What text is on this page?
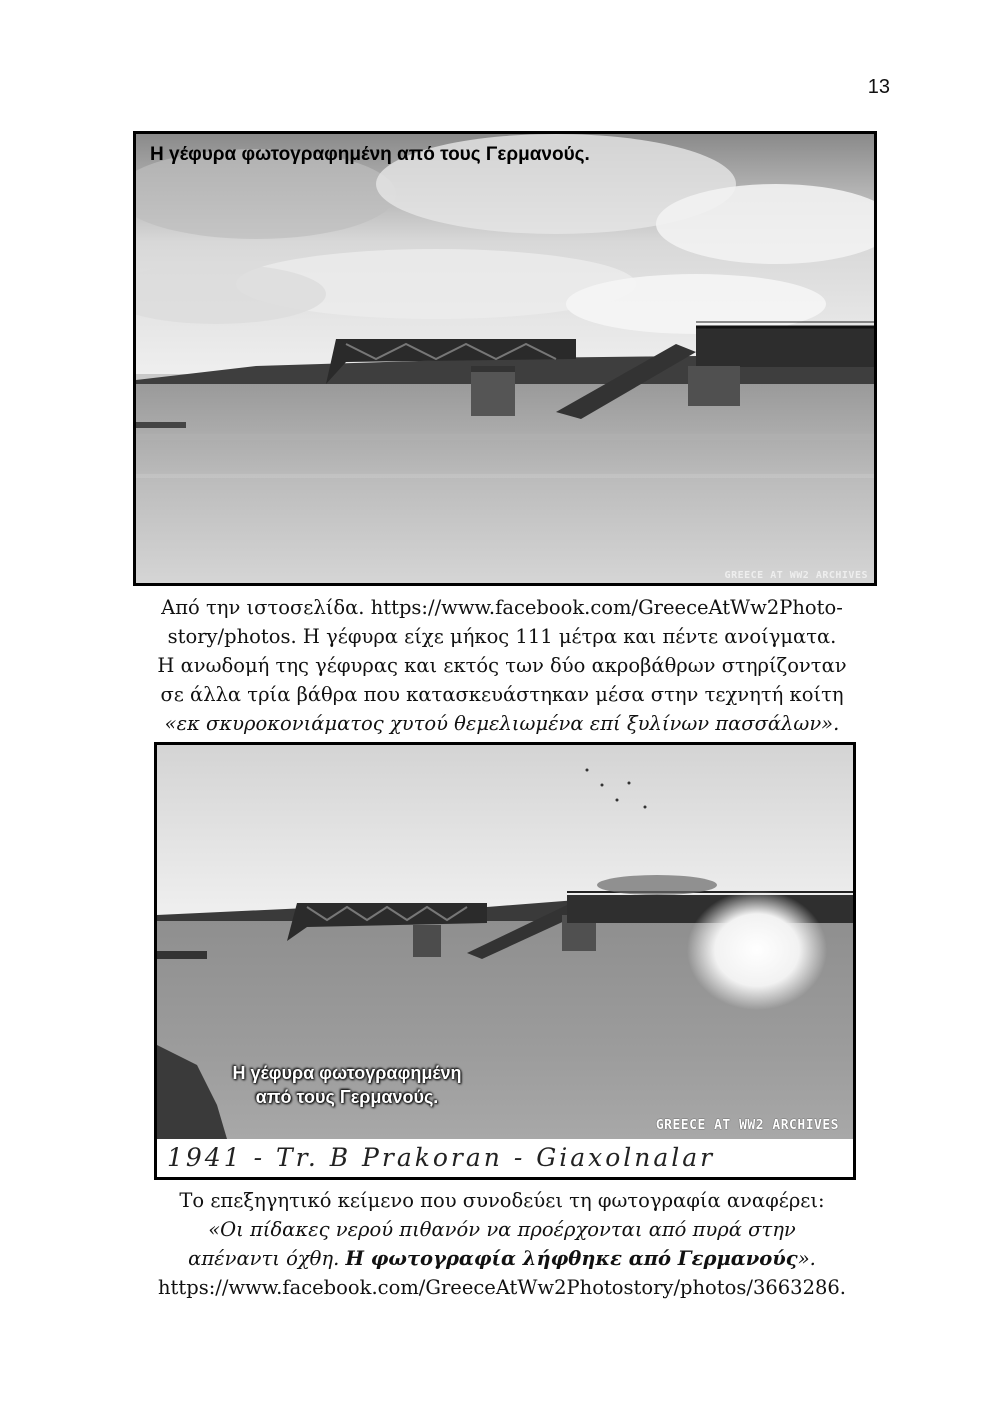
13
Η γέφυρα φωτογραφημένη από τους Γερμανούς.
GREECE AT WW2 ARCHIVES
Από την ιστοσελίδα. https://www.facebook.com/GreeceAtWw2Photo-
story/photos. Η γέφυρα είχε μήκος 111 μέτρα και πέντε ανοίγματα.
Η ανωδομή της γέφυρας και εκτός των δύο ακροβάθρων στηρίζονταν
σε άλλα τρία βάθρα που κατασκευάστηκαν μέσα στην τεχνητή κοίτη
«εκ σκυροκονιάματος χυτού θεμελιωμένα επί ξυλίνων πασσάλων».
Η γέφυρα φωτογραφημένη
από τους Γερμανούς.
GREECE AT WW2 ARCHIVES
1941 - Tr. B Prakoran - Giaxolnalar
Το επεξηγητικό κείμενο που συνοδεύει τη φωτογραφία αναφέρει:
«Οι πίδακες νερού πιθανόν να προέρχονται από πυρά στην
απέναντι όχθη. Η φωτογραφία λήφθηκε από Γερμανούς».
https://www.facebook.com/GreeceAtWw2Photostory/photos/3663286.
